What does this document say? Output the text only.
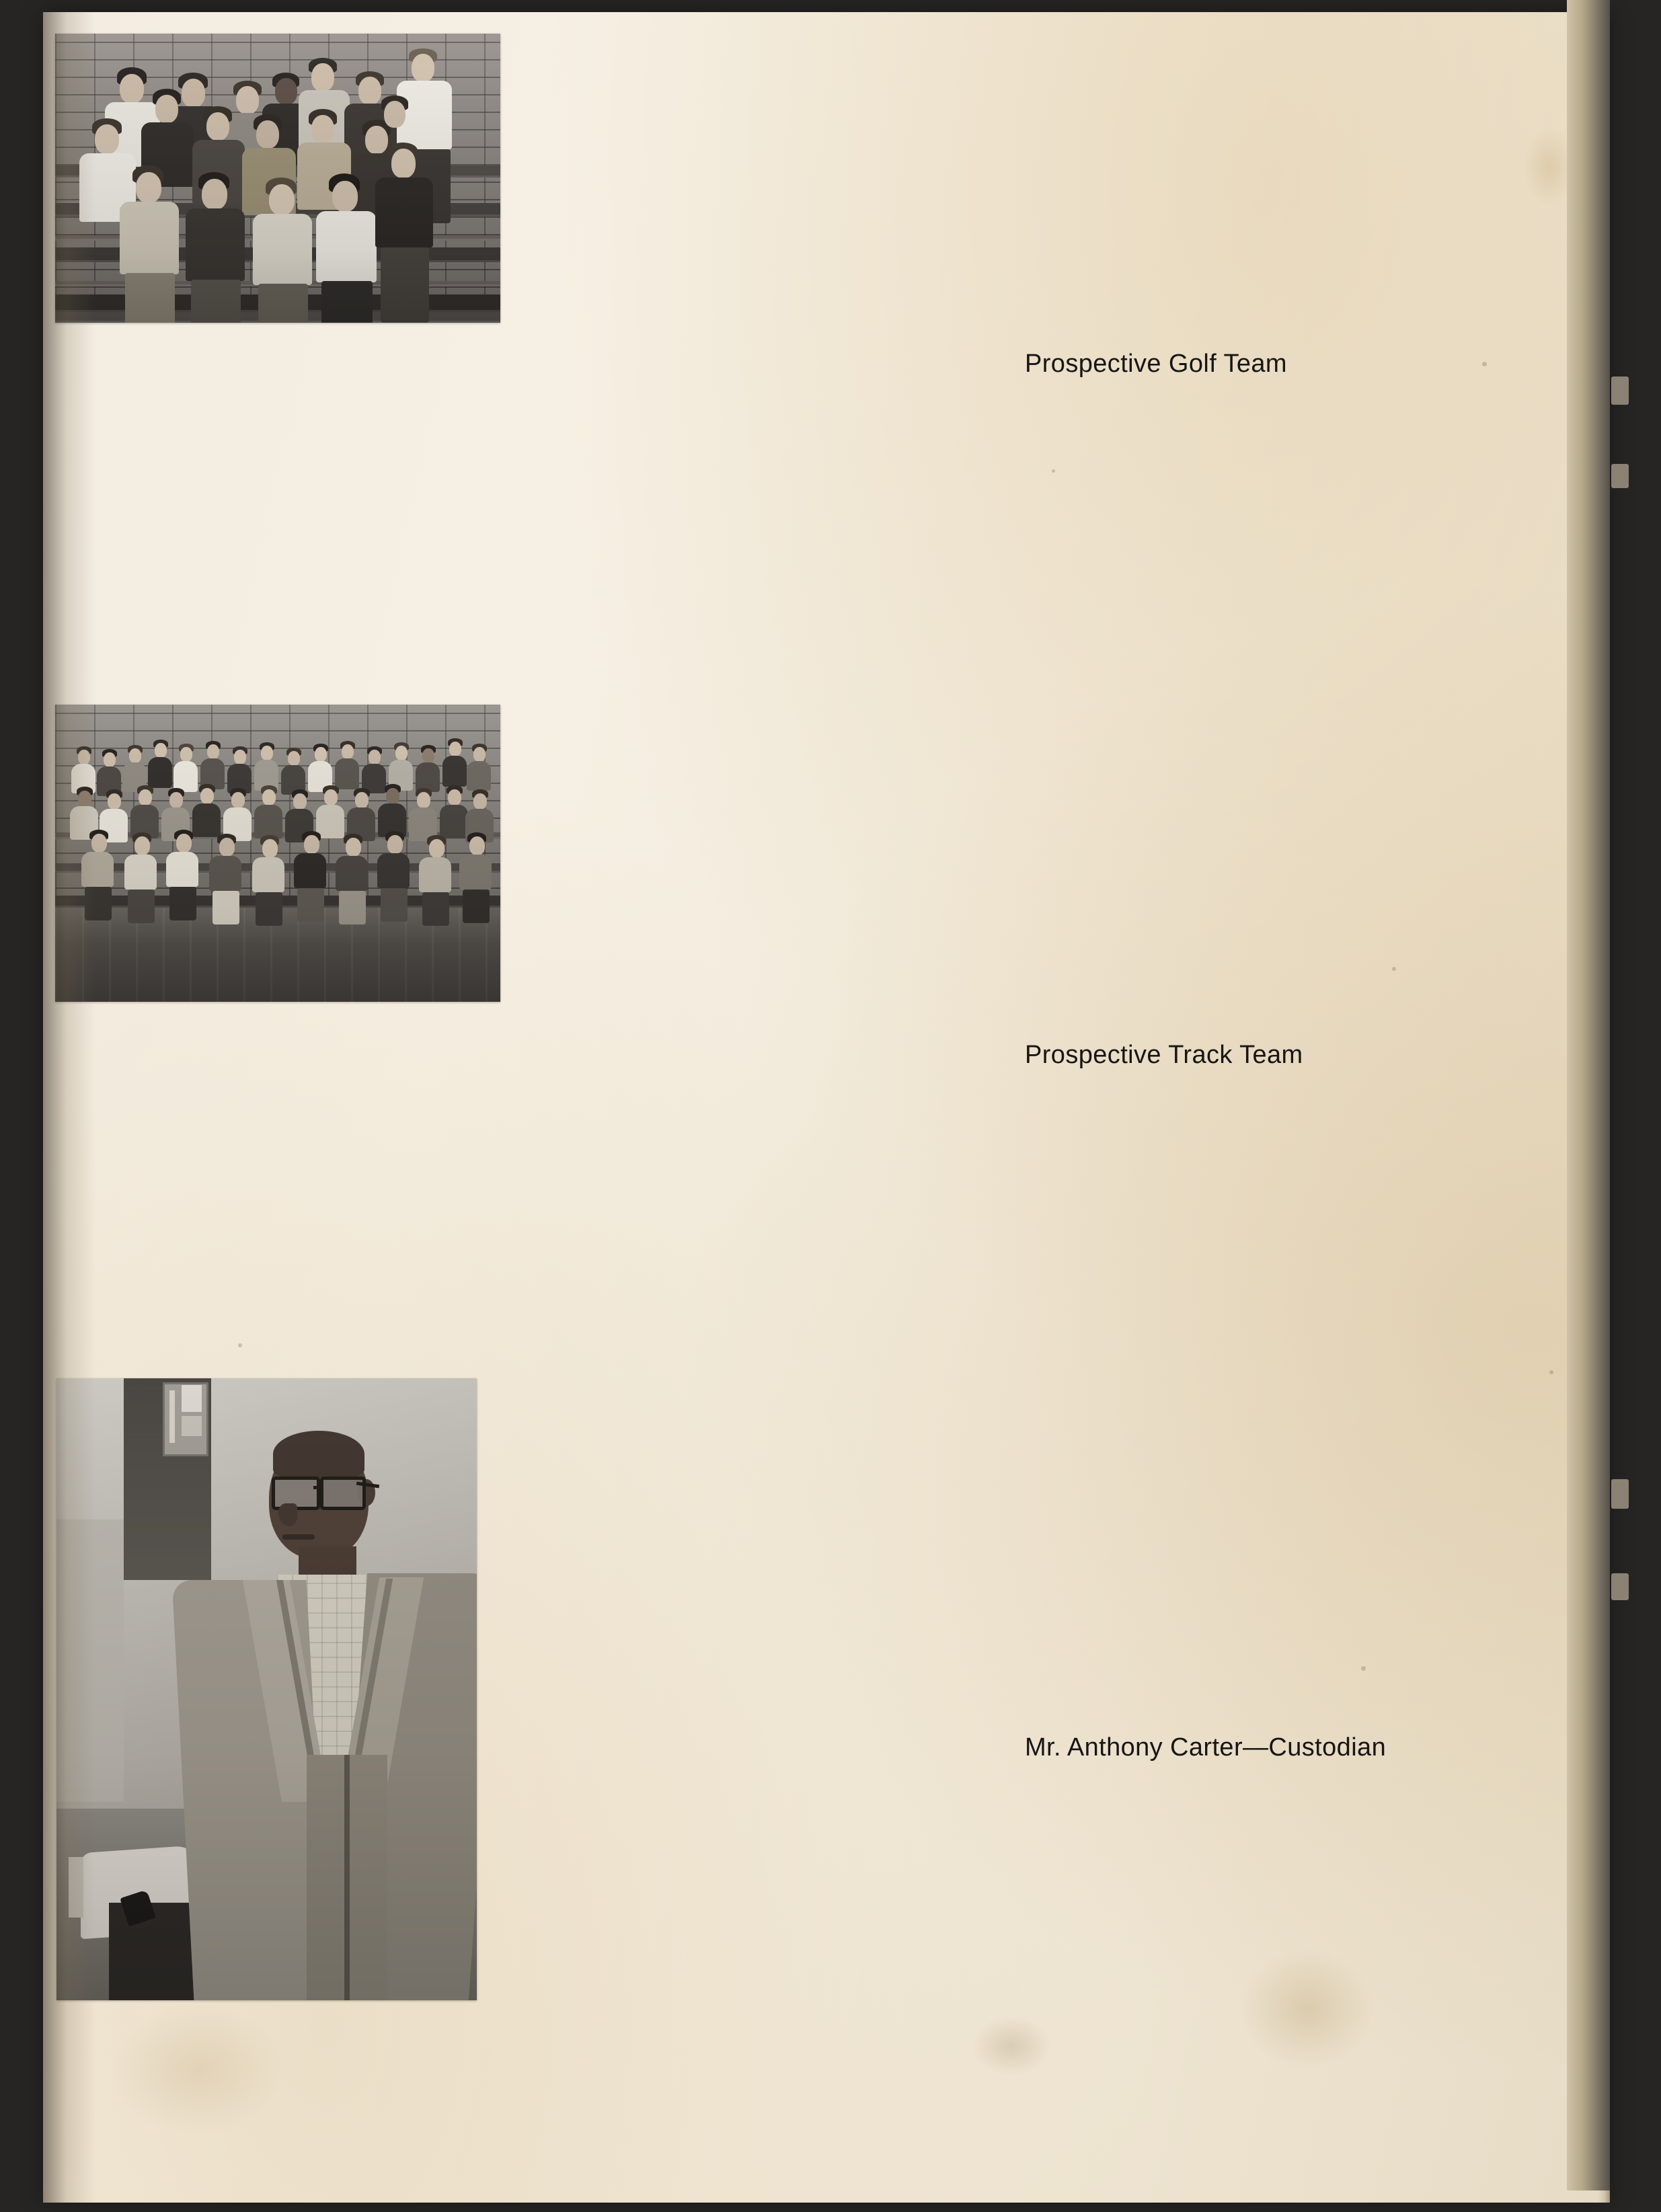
Prospective Golf Team
Prospective Track Team
Mr. Anthony Carter—Custodian
